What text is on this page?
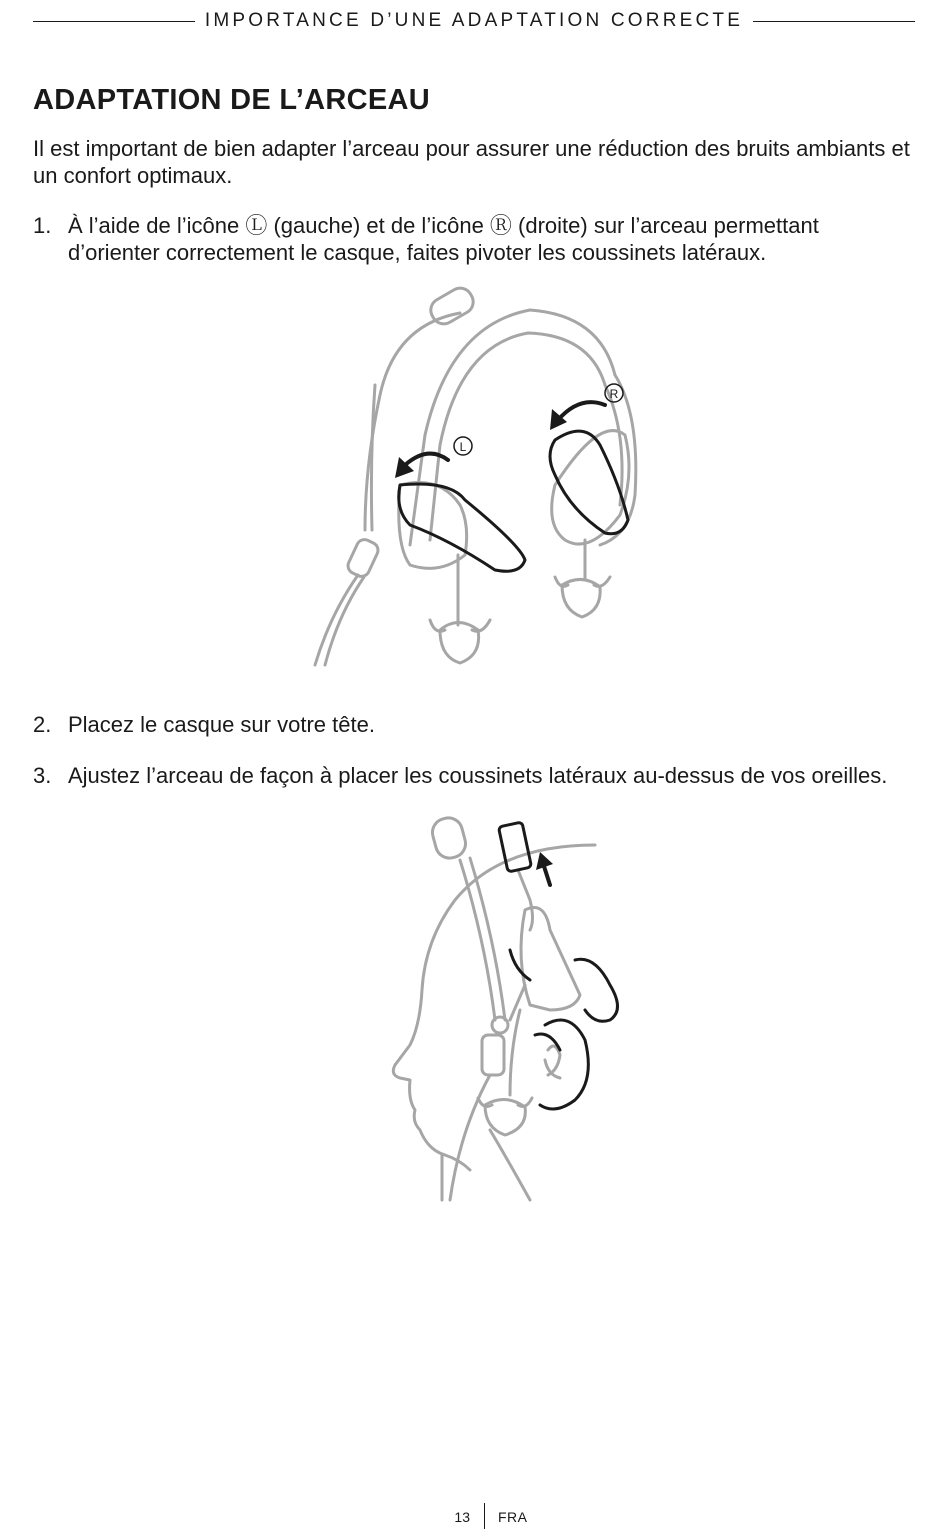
IMPORTANCE D’UNE ADAPTATION CORRECTE
ADAPTATION DE L’ARCEAU

Il est important de bien adapter l’arceau pour assurer une réduction des bruits ambiants et un confort optimaux.

1. À l’aide de l’icône Ⓛ (gauche) et de l’icône Ⓡ (droite) sur l’arceau permettant d’orienter correctement le casque, faites pivoter les coussinets latéraux.
L
R
2. Placez le casque sur votre tête.
3. Ajustez l’arceau de façon à placer les coussinets latéraux au-dessus de vos oreilles.
13 FRA
